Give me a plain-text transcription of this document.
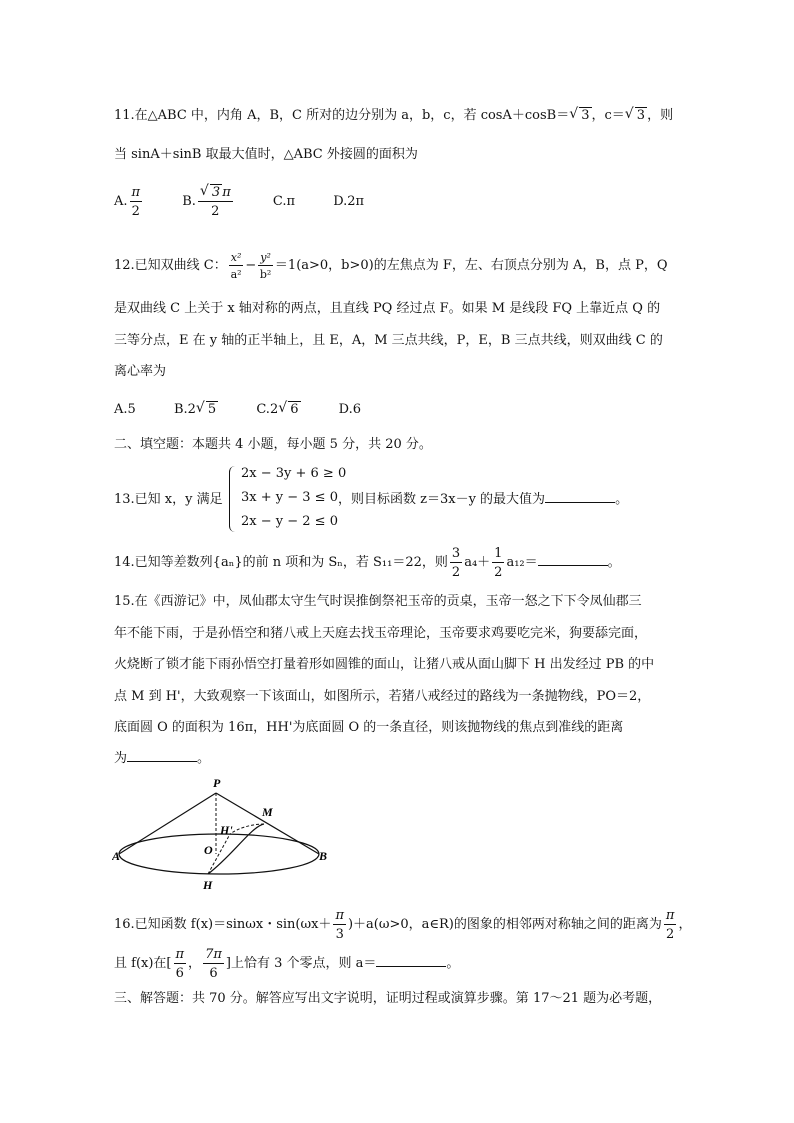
11.在△ABC 中，内角 A，B，C 所对的边分别为 a，b，c，若 cosA＋cosB＝ √ 3 ，c＝ √ 3 ，则
当 sinA＋sinB 取最大值时，△ABC 外接圆的面积为
A. $\frac{\pi}{2}$	B. √ $\frac{3 \pi}{2}$	C.π	D.2π
12.已知双曲线 C： $\frac{\text{x²}}{\text{a²}} - \frac{\text{y²}}{\text{b²}} =1(a>0$，b>0)的左焦点为 F，左、右顶点分别为 A，B，点 P，Q
是双曲线 C 上关于 x 轴对称的两点，且直线 PQ 经过点 F。如果 M 是线段 FQ 上靠近点 Q 的
三等分点，E 在 y 轴的正半轴上，且 E，A，M 三点共线，P，E，B 三点共线，则双曲线 C 的
离心率为
A.5	B.2 √ 5	C.2 √ 6	D.6
二、填空题：本题共 4 小题，每小题 5 分，共 20 分。
13.已知 x，y 满足
2x − 3y + 6 ≥ 0
3x + y − 3 ≤ 0
2x − y − 2 ≤ 0
，则目标函数 z＝3x－y 的最大值为	。
14.已知等差数列{aₙ}的前 n 项和为 Sₙ，若 S₁₁＝22，则 $\frac{3}{2} a_4+ \frac{1}{2} a_{12}=$	。
15.在《西游记》中，凤仙郡太守生气时误推倒祭祀玉帝的贡桌，玉帝一怒之下下令凤仙郡三
年不能下雨，于是孙悟空和猪八戒上天庭去找玉帝理论，玉帝要求鸡要吃完米，狗要舔完面，
火烧断了锁才能下雨孙悟空打量着形如圆锥的面山，让猪八戒从面山脚下 H 出发经过 PB 的中
点 M 到 H'，大致观察一下该面山，如图所示，若猪八戒经过的路线为一条抛物线，PO＝2，
底面圆 O 的面积为 16π，HH'为底面圆 O 的一条直径，则该抛物线的焦点到准线的距离
为	。
P
M
H'
O
A	B
H
16.已知函数 f(x)＝sinωx・$\sin(\omega x+ \frac{\pi}{3} )+a(\omega>0$，a∈R)的图象的相邻两对称轴之间的距离为 $\frac{\pi}{2}$ ，
且 f(x)在[ $\frac{\pi}{6}$ ， $\frac{7\pi}{6}$ ]上恰有 3 个零点，则 a＝	。
三、解答题：共 70 分。解答应写出文字说明，证明过程或演算步骤。第 17～21 题为必考题，
